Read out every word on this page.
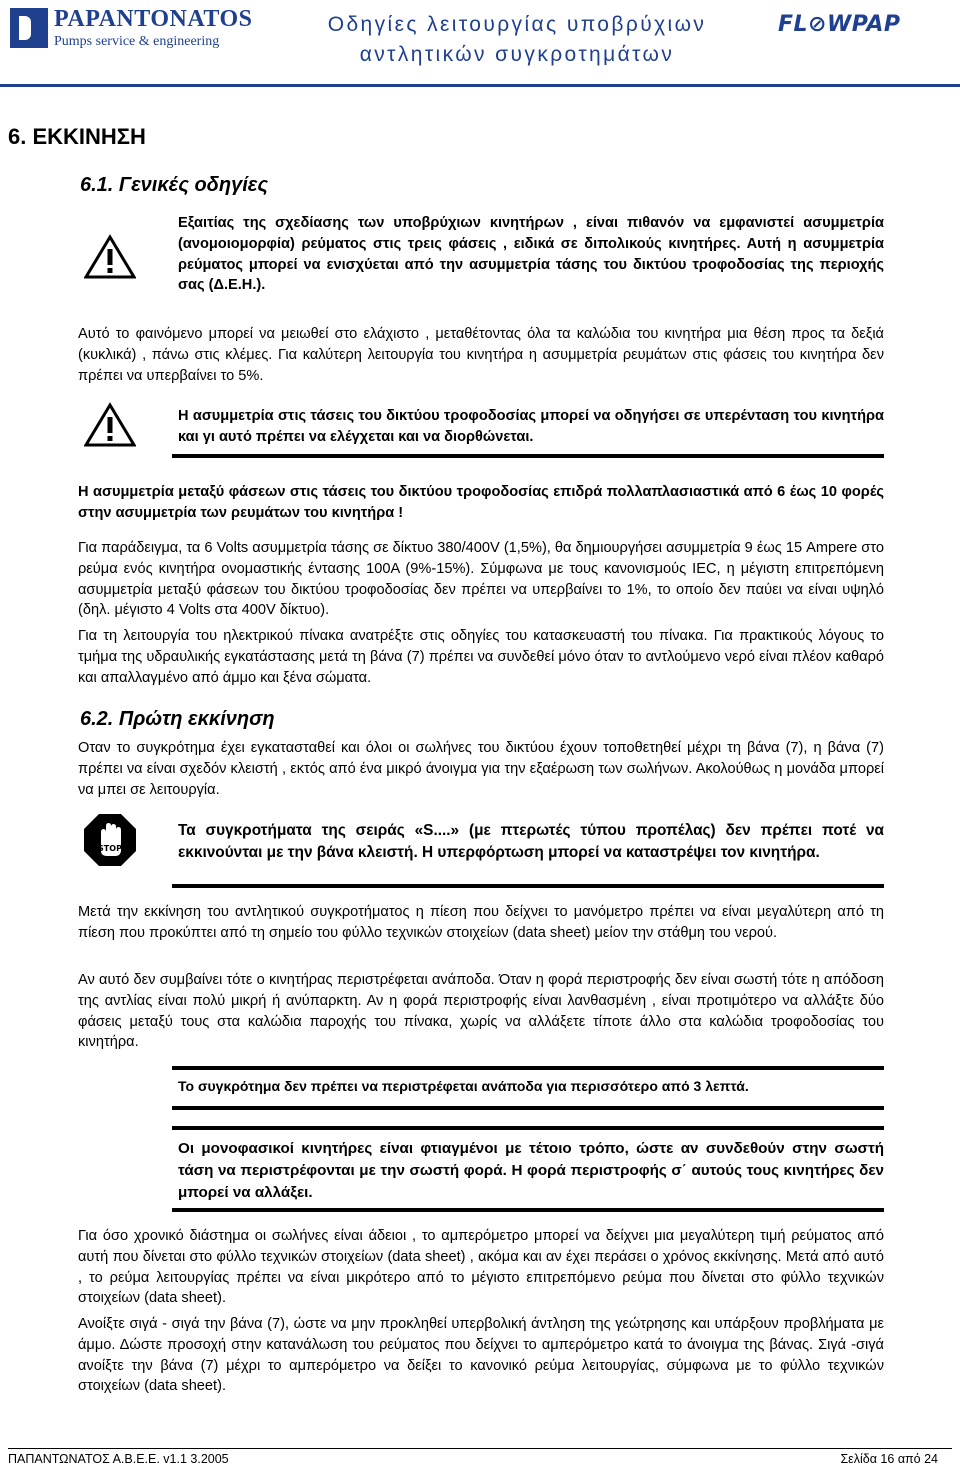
PAPANTONATOS
Pumps service & engineering
Οδηγίες λειτουργίας υποβρύχιων
αντλητικών συγκροτημάτων
FL⊘WPAP
6. ΕΚΚΙΝΗΣΗ
6.1. Γενικές οδηγίες
Εξαιτίας της σχεδίασης των υποβρύχιων κινητήρων , είναι πιθανόν να εμφανιστεί ασυμμετρία (ανομοιομορφία) ρεύματος στις τρεις φάσεις , ειδικά σε διπολικούς κινητήρες. Αυτή η ασυμμετρία ρεύματος μπορεί να ενισχύεται από την ασυμμετρία τάσης του δικτύου τροφοδοσίας της περιοχής σας (Δ.Ε.Η.).
Αυτό το φαινόμενο μπορεί να μειωθεί στο ελάχιστο , μεταθέτοντας όλα τα καλώδια του κινητήρα μια θέση προς τα δεξιά (κυκλικά) , πάνω στις κλέμες. Για καλύτερη λειτουργία του κινητήρα η ασυμμετρία ρευμάτων στις φάσεις του κινητήρα δεν πρέπει να υπερβαίνει το 5%.
Η ασυμμετρία στις τάσεις του δικτύου τροφοδοσίας μπορεί να οδηγήσει σε υπερένταση του κινητήρα και γι αυτό πρέπει να ελέγχεται και να διορθώνεται.
Η ασυμμετρία μεταξύ φάσεων στις τάσεις του δικτύου τροφοδοσίας επιδρά πολλαπλασιαστικά από 6 έως 10 φορές στην ασυμμετρία των ρευμάτων του κινητήρα !
Για παράδειγμα, τα 6 Volts ασυμμετρία τάσης σε δίκτυο 380/400V (1,5%), θα δημιουργήσει ασυμμετρία 9 έως 15 Ampere στο ρεύμα ενός κινητήρα ονομαστικής έντασης 100A (9%-15%). Σύμφωνα με τους κανονισμούς IEC, η μέγιστη επιτρεπόμενη ασυμμετρία μεταξύ φάσεων του δικτύου τροφοδοσίας δεν πρέπει να υπερβαίνει το 1%, το οποίο δεν παύει να είναι υψηλό (δηλ. μέγιστο 4 Volts στα 400V δίκτυο).
Για τη λειτουργία του ηλεκτρικού πίνακα ανατρέξτε στις οδηγίες του κατασκευαστή του πίνακα. Για πρακτικούς λόγους το τμήμα της υδραυλικής εγκατάστασης μετά τη βάνα (7) πρέπει να συνδεθεί μόνο όταν το αντλούμενο νερό είναι πλέον καθαρό και απαλλαγμένο από άμμο και ξένα σώματα.
6.2. Πρώτη εκκίνηση
Οταν το συγκρότημα έχει εγκατασταθεί και όλοι οι σωλήνες του δικτύου έχουν τοποθετηθεί μέχρι τη βάνα (7), η βάνα (7) πρέπει να είναι σχεδόν κλειστή , εκτός από ένα μικρό άνοιγμα για την εξαέρωση των σωλήνων. Ακολούθως η μονάδα μπορεί να μπει σε λειτουργία.
STOP
Τα συγκροτήματα της σειράς «S....» (με πτερωτές τύπου προπέλας) δεν πρέπει ποτέ να εκκινούνται με την βάνα κλειστή. Η υπερφόρτωση μπορεί να καταστρέψει τον κινητήρα.
Μετά την εκκίνηση του αντλητικού συγκροτήματος η πίεση που δείχνει το μανόμετρο πρέπει να είναι μεγαλύτερη από τη πίεση που προκύπτει από τη σημείο του φύλλο τεχνικών στοιχείων (data sheet) μείον την στάθμη του νερού.
Αν αυτό δεν συμβαίνει τότε ο κινητήρας περιστρέφεται ανάποδα. Όταν η φορά περιστροφής δεν είναι σωστή τότε η απόδοση της αντλίας είναι πολύ μικρή ή ανύπαρκτη. Αν η φορά περιστροφής είναι λανθασμένη , είναι προτιμότερο να αλλάξτε δύο φάσεις μεταξύ τους στα καλώδια παροχής του πίνακα, χωρίς να αλλάξετε τίποτε άλλο στα καλώδια τροφοδοσίας του κινητήρα.
Το συγκρότημα δεν πρέπει να περιστρέφεται ανάποδα για περισσότερο από 3 λεπτά.
Οι μονοφασικοί κινητήρες είναι φτιαγμένοι με τέτοιο τρόπο, ώστε αν συνδεθούν στην σωστή τάση να περιστρέφονται με την σωστή φορά. Η φορά περιστροφής σ΄ αυτούς τους κινητήρες δεν μπορεί να αλλάξει.
Για όσο χρονικό διάστημα οι σωλήνες είναι άδειοι , το αμπερόμετρο μπορεί να δείχνει μια μεγαλύτερη τιμή ρεύματος από αυτή που δίνεται στο φύλλο τεχνικών στοιχείων (data sheet) , ακόμα και αν έχει περάσει ο χρόνος εκκίνησης. Μετά από αυτό , το ρεύμα λειτουργίας πρέπει να είναι μικρότερο από το μέγιστο επιτρεπόμενο ρεύμα που δίνεται στο φύλλο τεχνικών στοιχείων (data sheet).
Ανοίξτε σιγά - σιγά την βάνα (7), ώστε να μην προκληθεί υπερβολική άντληση της γεώτρησης και υπάρξουν προβλήματα με άμμο. Δώστε προσοχή στην κατανάλωση του ρεύματος που δείχνει το αμπερόμετρο κατά το άνοιγμα της βάνας. Σιγά -σιγά ανοίξτε την βάνα (7) μέχρι το αμπερόμετρο να δείξει το κανονικό ρεύμα λειτουργίας, σύμφωνα με το φύλλο τεχνικών στοιχείων (data sheet).
ΠΑΠΑΝΤΩΝΑΤΟΣ Α.Β.Ε.Ε. v1.1 3.2005	Σελίδα 16 από 24
